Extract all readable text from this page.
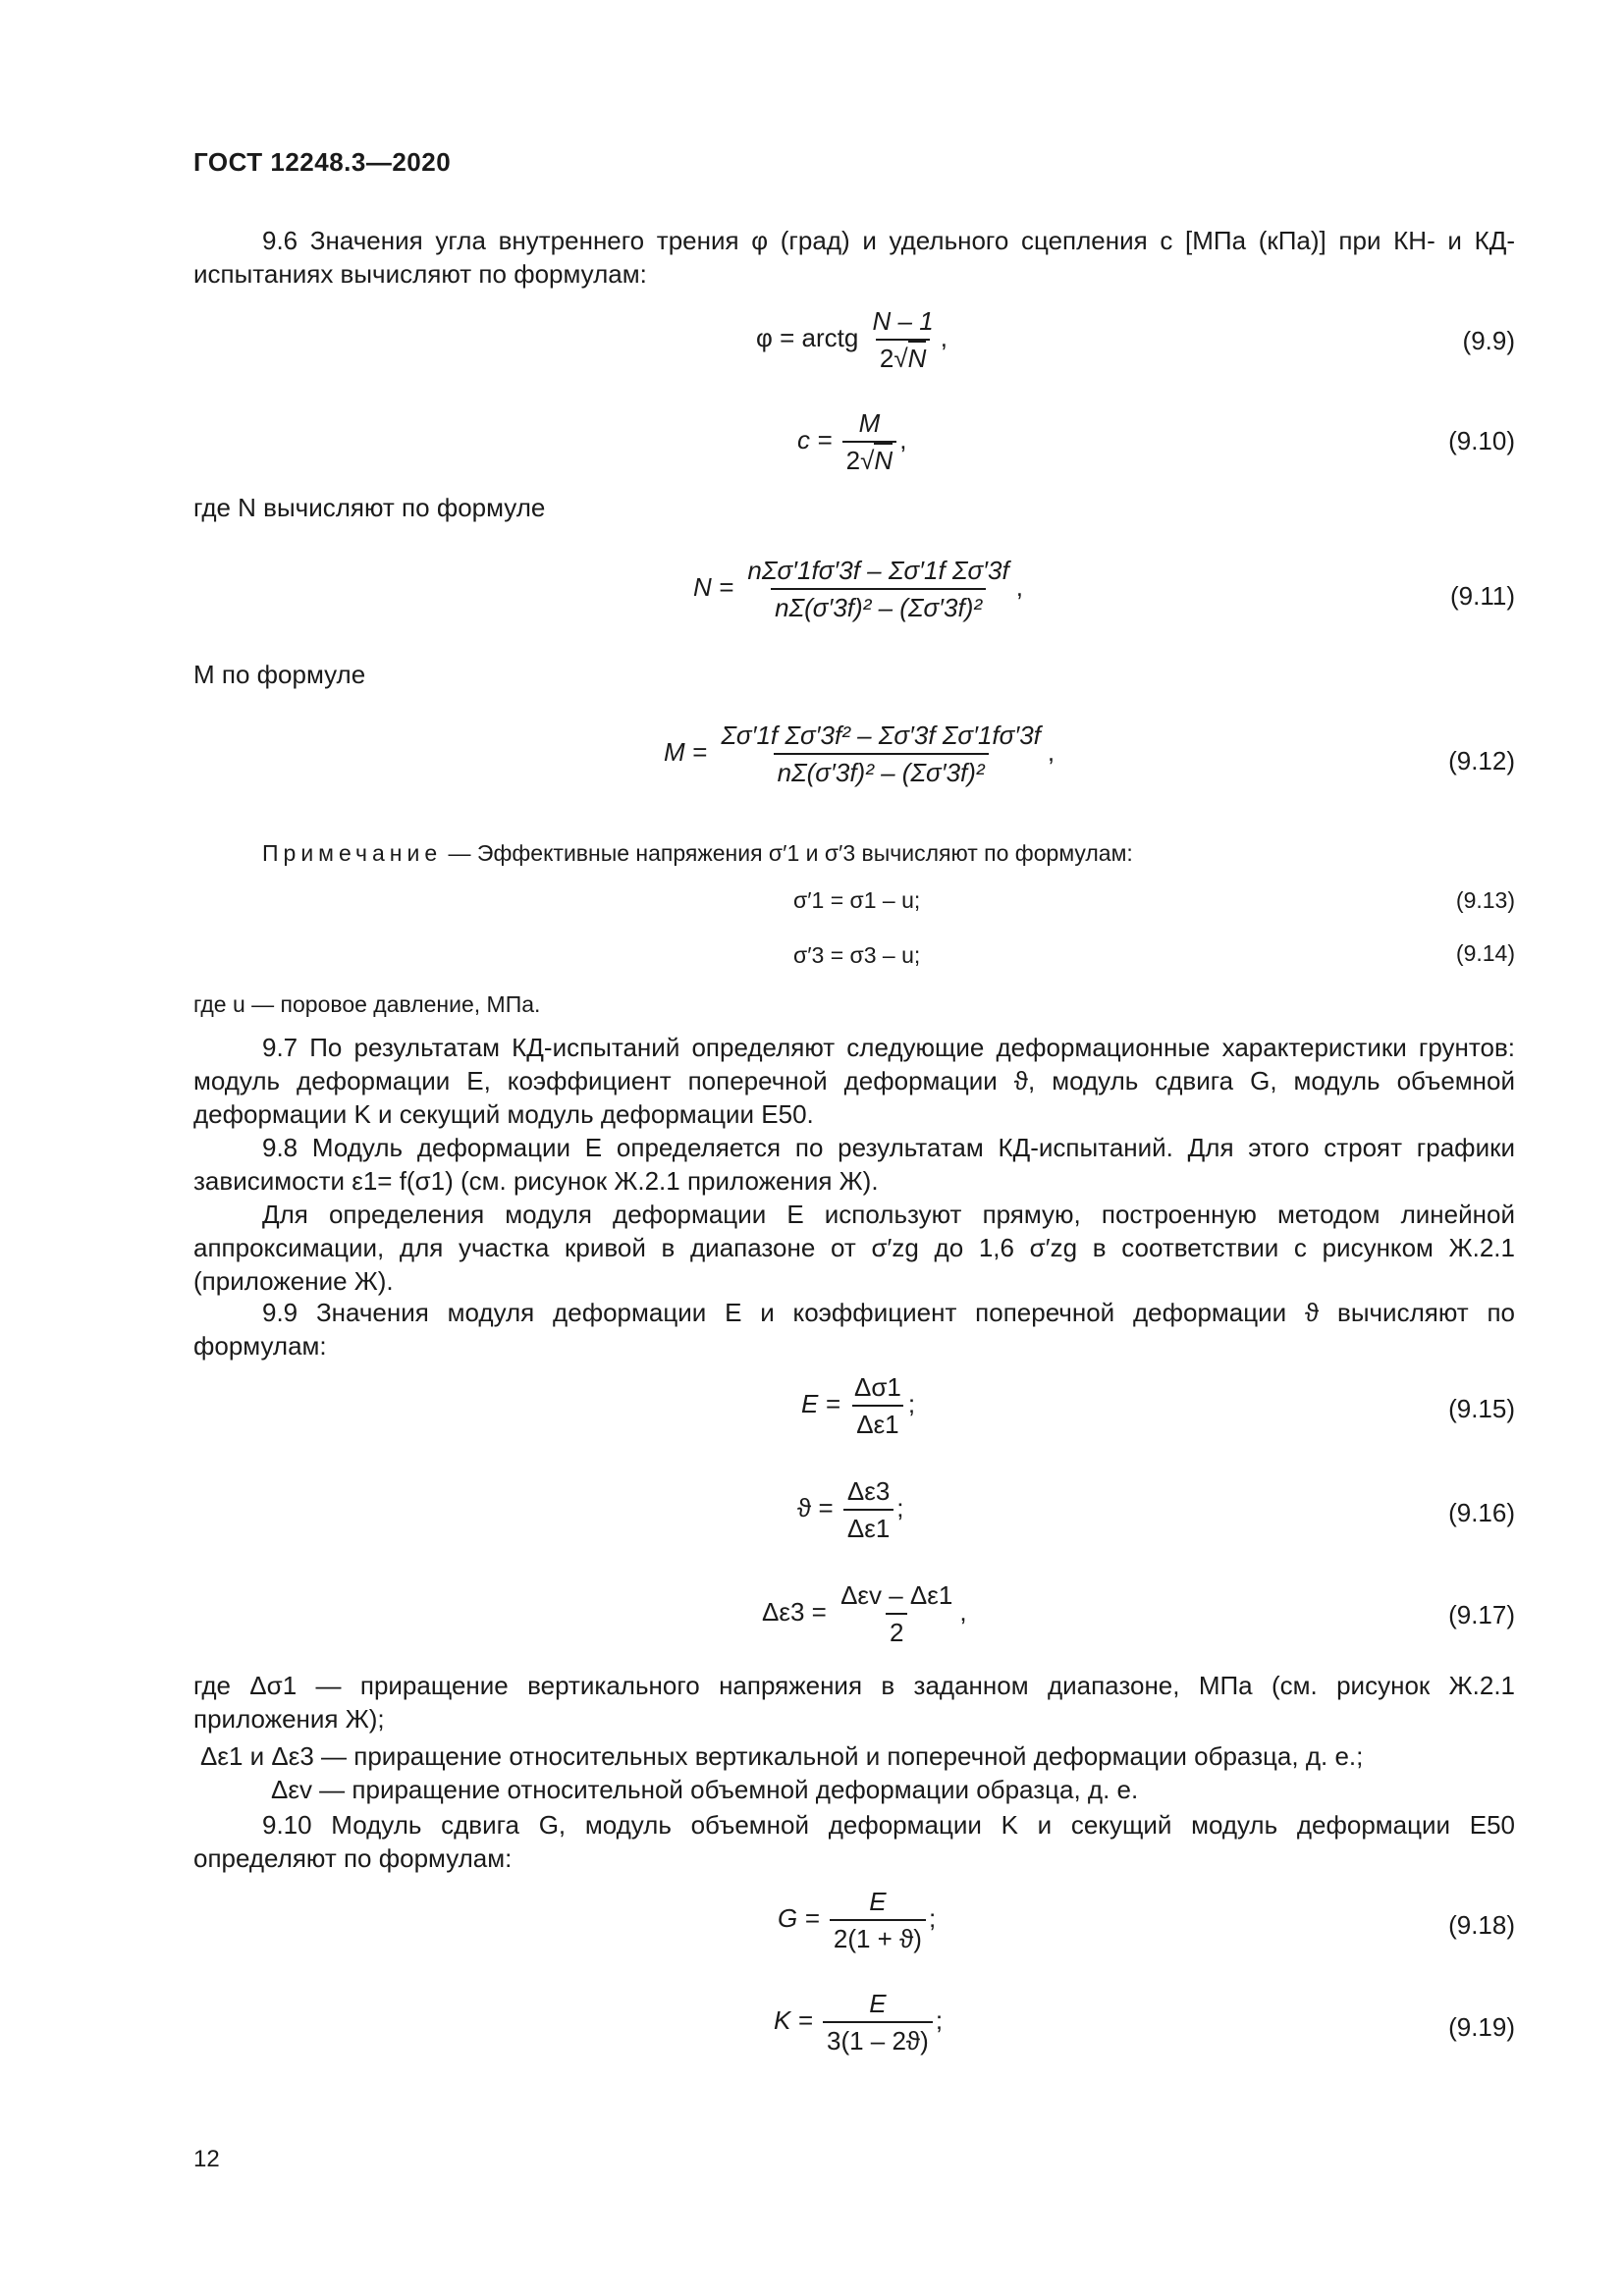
ГОСТ 12248.3—2020
9.6 Значения угла внутреннего трения φ (град) и удельного сцепления c [МПа (кПа)] при КН- и КД-испытаниях вычисляют по формулам:
φ = arctg $\frac{N - 1}{2√N}$ ,	(9.9)
$c = \frac{M}{2√N}$ ,	(9.10)
где N вычисляют по формуле
$N = \frac{\text{nΣσ′1fσ′3f – Σσ′1f Σσ′3f}}{\text{nΣ(σ′3f)² – (Σσ′3f)²}}$ ,	(9.11)
M по формуле
$M = \frac{\text{Σσ′1f Σσ′3f² – Σσ′3f Σσ′1fσ′3f}}{\text{nΣ(σ′3f)² – (Σσ′3f)²}}$ ,	(9.12)
Примечание — Эффективные напряжения σ′1 и σ′3 вычисляют по формулам:
σ′1 = σ1 – u;	(9.13)
σ′3 = σ3 – u;	(9.14)
где u — поровое давление, МПа.
9.7 По результатам КД-испытаний определяют следующие деформационные характеристики грунтов: модуль деформации E, коэффициент поперечной деформации ϑ, модуль сдвига G, модуль объемной деформации K и секущий модуль деформации E50.
9.8 Модуль деформации E определяется по результатам КД-испытаний. Для этого строят графики зависимости ε1= f(σ1) (см. рисунок Ж.2.1 приложения Ж).
Для определения модуля деформации E используют прямую, построенную методом линейной аппроксимации, для участка кривой в диапазоне от σ′zg до 1,6 σ′zg в соответствии с рисунком Ж.2.1 (приложение Ж).
9.9 Значения модуля деформации E и коэффициент поперечной деформации ϑ вычисляют по формулам:
$E = \frac{\Delta\sigma 1}{\Delta\varepsilon 1}$ ;	(9.15)
$ϑ = \frac{\Delta\varepsilon 3}{\Delta\varepsilon 1}$ ;	(9.16)
$\Delta\varepsilon 3 = \frac{\text{Δεv – Δε1}}{2}$ ,	(9.17)
где Δσ1 — приращение вертикального напряжения в заданном диапазоне, МПа (см. рисунок Ж.2.1 приложения Ж);
Δε1 и Δε3 — приращение относительных вертикальной и поперечной деформации образца, д. е.;
Δεv — приращение относительной объемной деформации образца, д. е.
9.10 Модуль сдвига G, модуль объемной деформации K и секущий модуль деформации E50 определяют по формулам:
$G = \frac{E}{2(1 + ϑ)}$ ;	(9.18)
$K = \frac{E}{3(1 - 2ϑ)}$ ;	(9.19)
12
